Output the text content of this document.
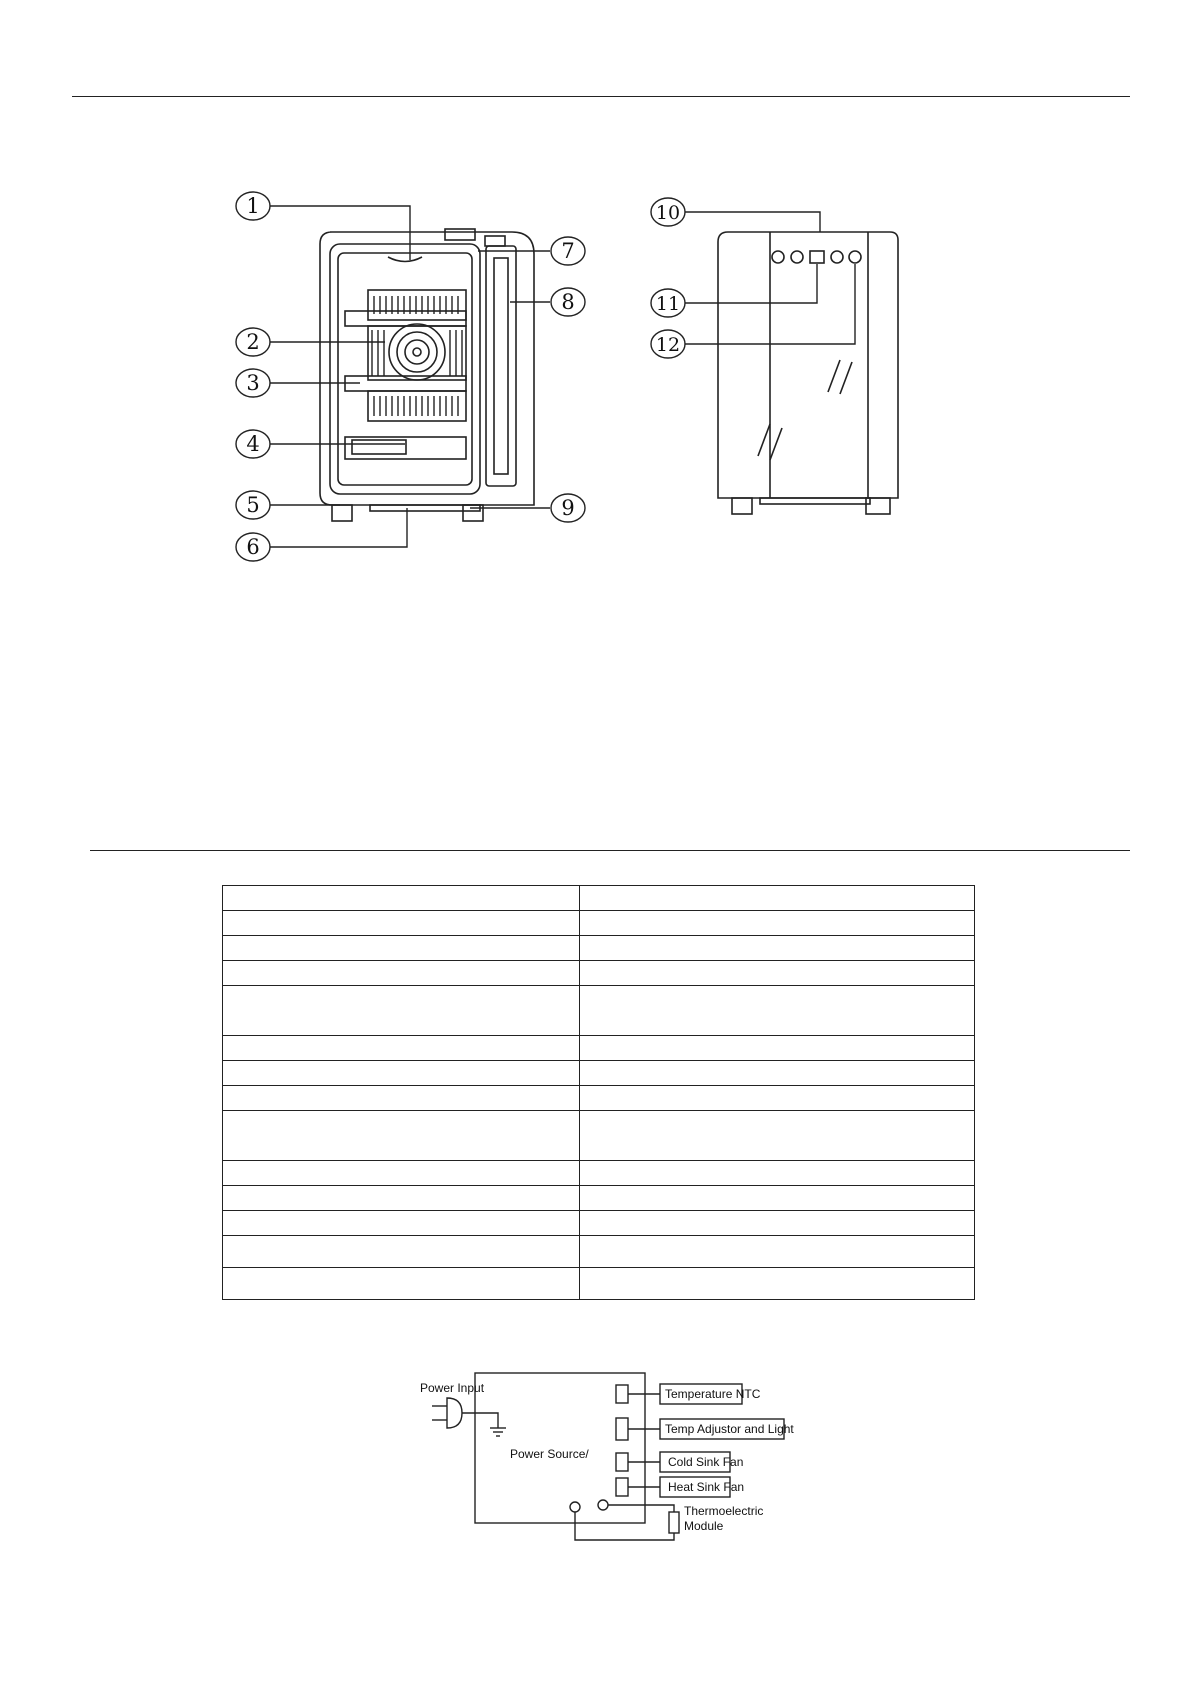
1
2
3
4
5
6
7
8
9
10
11
12

Power Input
Power Source/
Temperature NTC
Temp Adjustor and Light
Cold Sink Fan
Heat Sink Fan
Thermoelectric
Module
